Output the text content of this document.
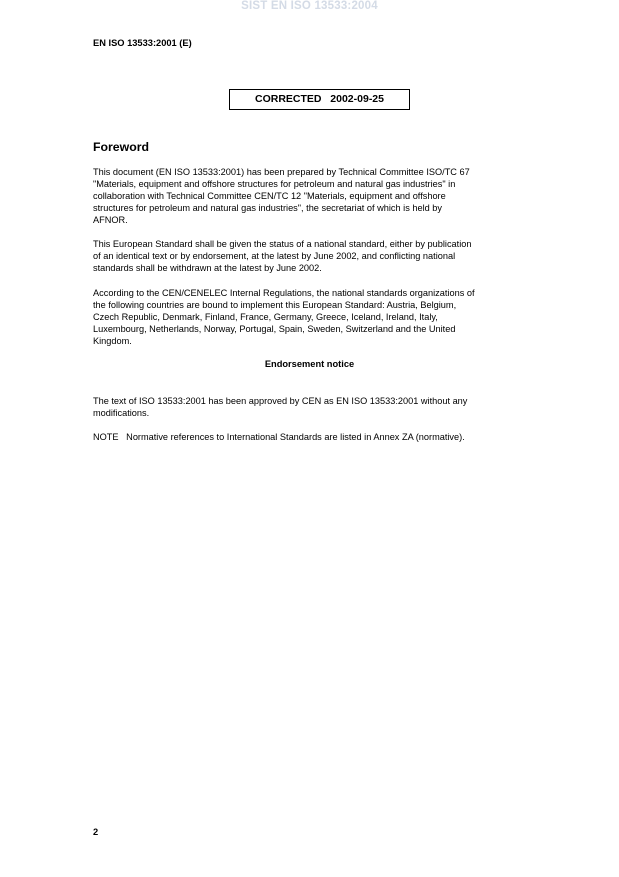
SIST EN ISO 13533:2004
EN ISO 13533:2001 (E)
CORRECTED 2002-09-25
Foreword
This document (EN ISO 13533:2001) has been prepared by Technical Committee ISO/TC 67
"Materials, equipment and offshore structures for petroleum and natural gas industries" in
collaboration with Technical Committee CEN/TC 12 "Materials, equipment and offshore
structures for petroleum and natural gas industries", the secretariat of which is held by
AFNOR.
This European Standard shall be given the status of a national standard, either by publication
of an identical text or by endorsement, at the latest by June 2002, and conflicting national
standards shall be withdrawn at the latest by June 2002.
According to the CEN/CENELEC Internal Regulations, the national standards organizations of
the following countries are bound to implement this European Standard: Austria, Belgium,
Czech Republic, Denmark, Finland, France, Germany, Greece, Iceland, Ireland, Italy,
Luxembourg, Netherlands, Norway, Portugal, Spain, Sweden, Switzerland and the United
Kingdom.
Endorsement notice
The text of ISO 13533:2001 has been approved by CEN as EN ISO 13533:2001 without any
modifications.
NOTE   Normative references to International Standards are listed in Annex ZA (normative).
2
